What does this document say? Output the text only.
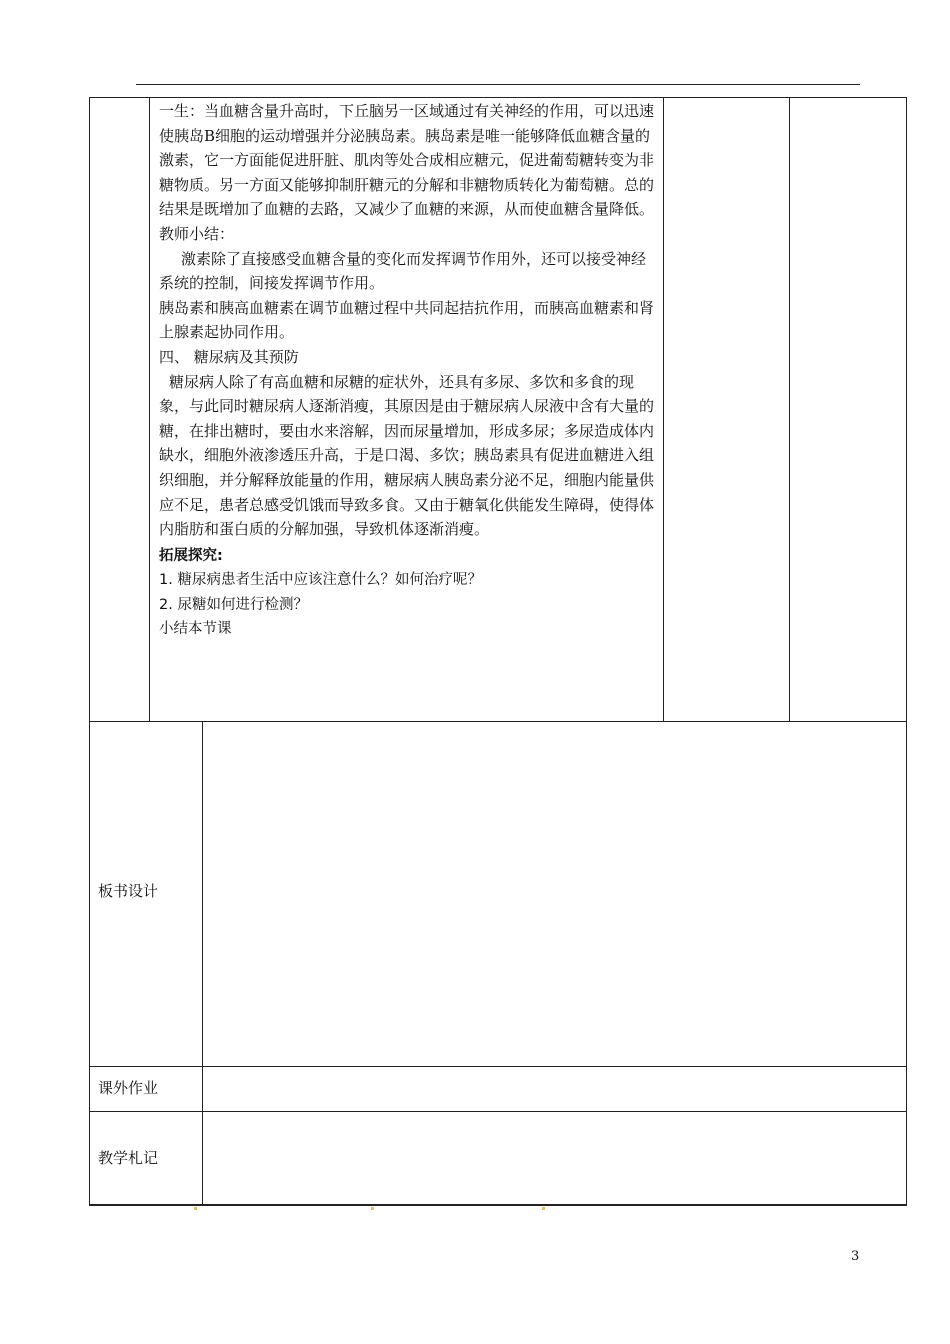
一生：当血糖含量升高时，下丘脑另一区域通过有关神经的作用，可以迅速使胰岛B细胞的运动增强并分泌胰岛素。胰岛素是唯一能够降低血糖含量的激素，它一方面能促进肝脏、肌肉等处合成相应糖元，促进葡萄糖转变为非糖物质。另一方面又能够抑制肝糖元的分解和非糖物质转化为葡萄糖。总的结果是既增加了血糖的去路，又减少了血糖的来源，从而使血糖含量降低。

教师小结：

激素除了直接感受血糖含量的变化而发挥调节作用外，还可以接受神经系统的控制，间接发挥调节作用。

胰岛素和胰高血糖素在调节血糖过程中共同起拮抗作用，而胰高血糖素和肾上腺素起协同作用。

四、 糖尿病及其预防

糖尿病人除了有高血糖和尿糖的症状外，还具有多尿、多饮和多食的现象，与此同时糖尿病人逐渐消瘦，其原因是由于糖尿病人尿液中含有大量的糖，在排出糖时，要由水来溶解，因而尿量增加，形成多尿；多尿造成体内缺水，细胞外液渗透压升高，于是口渴、多饮；胰岛素具有促进血糖进入组织细胞，并分解释放能量的作用，糖尿病人胰岛素分泌不足，细胞内能量供应不足，患者总感受饥饿而导致多食。又由于糖氧化供能发生障碍，使得体内脂肪和蛋白质的分解加强，导致机体逐渐消瘦。

拓展探究:

1. 糖尿病患者生活中应该注意什么？如何治疗呢？

2. 尿糖如何进行检测？

小结本节课

板书设计
课外作业
教学札记
3
